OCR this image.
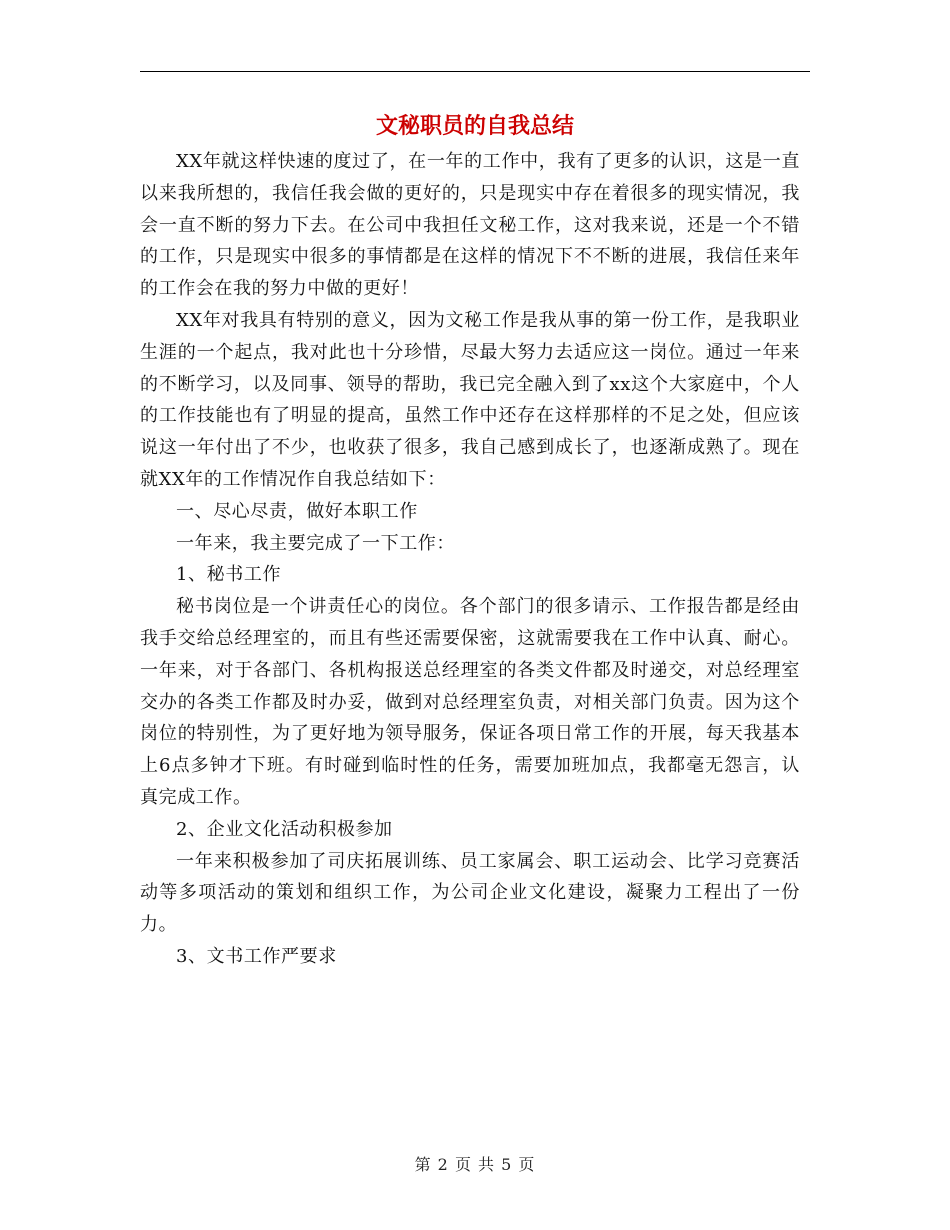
文秘职员的自我总结

XX年就这样快速的度过了，在一年的工作中，我有了更多的认识，这是一直以来我所想的，我信任我会做的更好的，只是现实中存在着很多的现实情况，我会一直不断的努力下去。在公司中我担任文秘工作，这对我来说，还是一个不错的工作，只是现实中很多的事情都是在这样的情况下不不断的进展，我信任来年的工作会在我的努力中做的更好！

XX年对我具有特别的意义，因为文秘工作是我从事的第一份工作，是我职业生涯的一个起点，我对此也十分珍惜，尽最大努力去适应这一岗位。通过一年来的不断学习，以及同事、领导的帮助，我已完全融入到了xx这个大家庭中，个人的工作技能也有了明显的提高，虽然工作中还存在这样那样的不足之处，但应该说这一年付出了不少，也收获了很多，我自己感到成长了，也逐渐成熟了。现在就XX年的工作情况作自我总结如下：

一、尽心尽责，做好本职工作

一年来，我主要完成了一下工作：

1、秘书工作

秘书岗位是一个讲责任心的岗位。各个部门的很多请示、工作报告都是经由我手交给总经理室的，而且有些还需要保密，这就需要我在工作中认真、耐心。一年来，对于各部门、各机构报送总经理室的各类文件都及时递交，对总经理室交办的各类工作都及时办妥，做到对总经理室负责，对相关部门负责。因为这个岗位的特别性，为了更好地为领导服务，保证各项日常工作的开展，每天我基本上6点多钟才下班。有时碰到临时性的任务，需要加班加点，我都毫无怨言，认真完成工作。

2、企业文化活动积极参加

一年来积极参加了司庆拓展训练、员工家属会、职工运动会、比学习竞赛活动等多项活动的策划和组织工作，为公司企业文化建设，凝聚力工程出了一份力。

3、文书工作严要求

第 2 页 共 5 页
